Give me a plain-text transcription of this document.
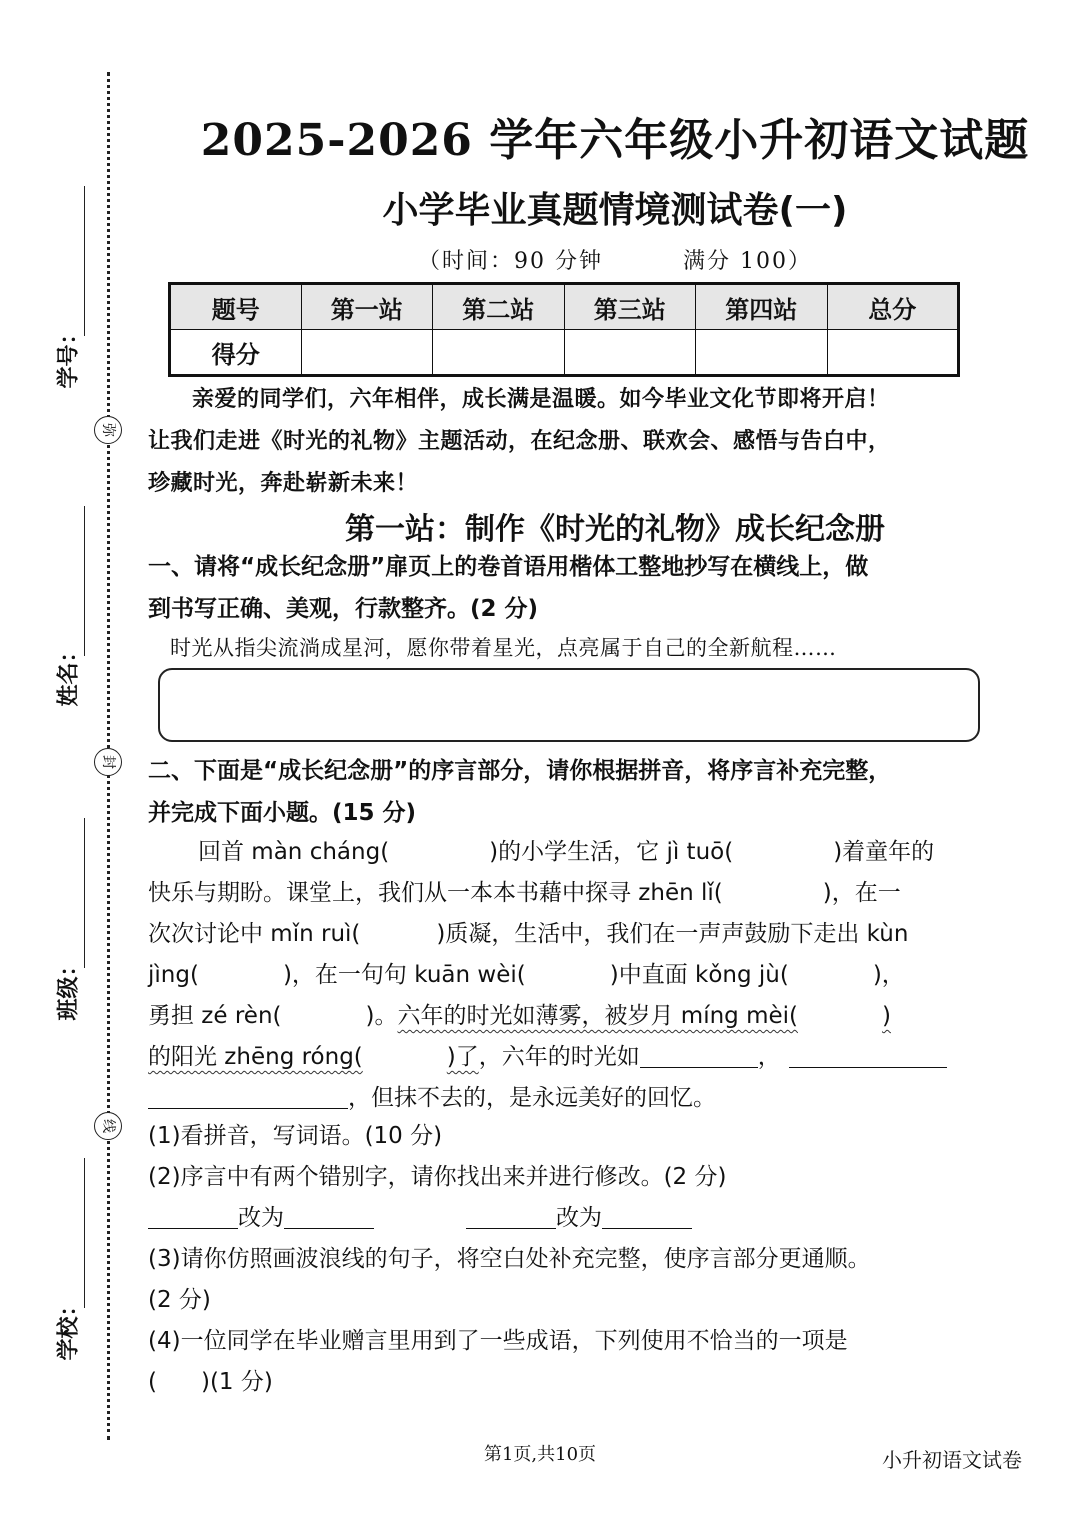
弥
封
线
学号：
姓名：
班级：
学校：
2025-2026 学年六年级小升初语文试题
小学毕业真题情境测试卷(一)
（时间：90 分钟	满分 100）
题号	第一站	第二站	第三站	第四站	总分
得分					

亲爱的同学们，六年相伴，成长满是温暖。如今毕业文化节即将开启！

让我们走进《时光的礼物》主题活动，在纪念册、联欢会、感悟与告白中，

珍藏时光，奔赴崭新未来！

第一站：制作《时光的礼物》成长纪念册
一、请将“成长纪念册”扉页上的卷首语用楷体工整地抄写在横线上，做
到书写正确、美观，行款整齐。(2 分)
时光从指尖流淌成星河，愿你带着星光，点亮属于自己的全新航程……
二、下面是“成长纪念册”的序言部分，请你根据拼音，将序言补充完整，
并完成下面小题。(15 分)

回首 màn cháng(	)的小学生活，它 jì tuō(	)着童年的

快乐与期盼。课堂上，我们从一本本书藉中探寻 zhēn lǐ(	)，在一

次次讨论中 mǐn ruì(	)质凝，生活中，我们在一声声鼓励下走出 kùn

jìng(	)，在一句句 kuān wèi(	)中直面 kǒng jù(	)，

勇担 zé rèn(	)。六年的时光如薄雾，被岁月 míng mèi(	)

的阳光 zhēng róng(	)了，六年的时光如	，

，但抹不去的，是永远美好的回忆。

(1)看拼音，写词语。(10 分)

(2)序言中有两个错别字，请你找出来并进行修改。(2 分)

改为	改为

(3)请你仿照画波浪线的句子，将空白处补充完整，使序言部分更通顺。

(2 分)

(4)一位同学在毕业赠言里用到了一些成语，下列使用不恰当的一项是

( )(1 分)

第1页,共10页	小升初语文试卷
